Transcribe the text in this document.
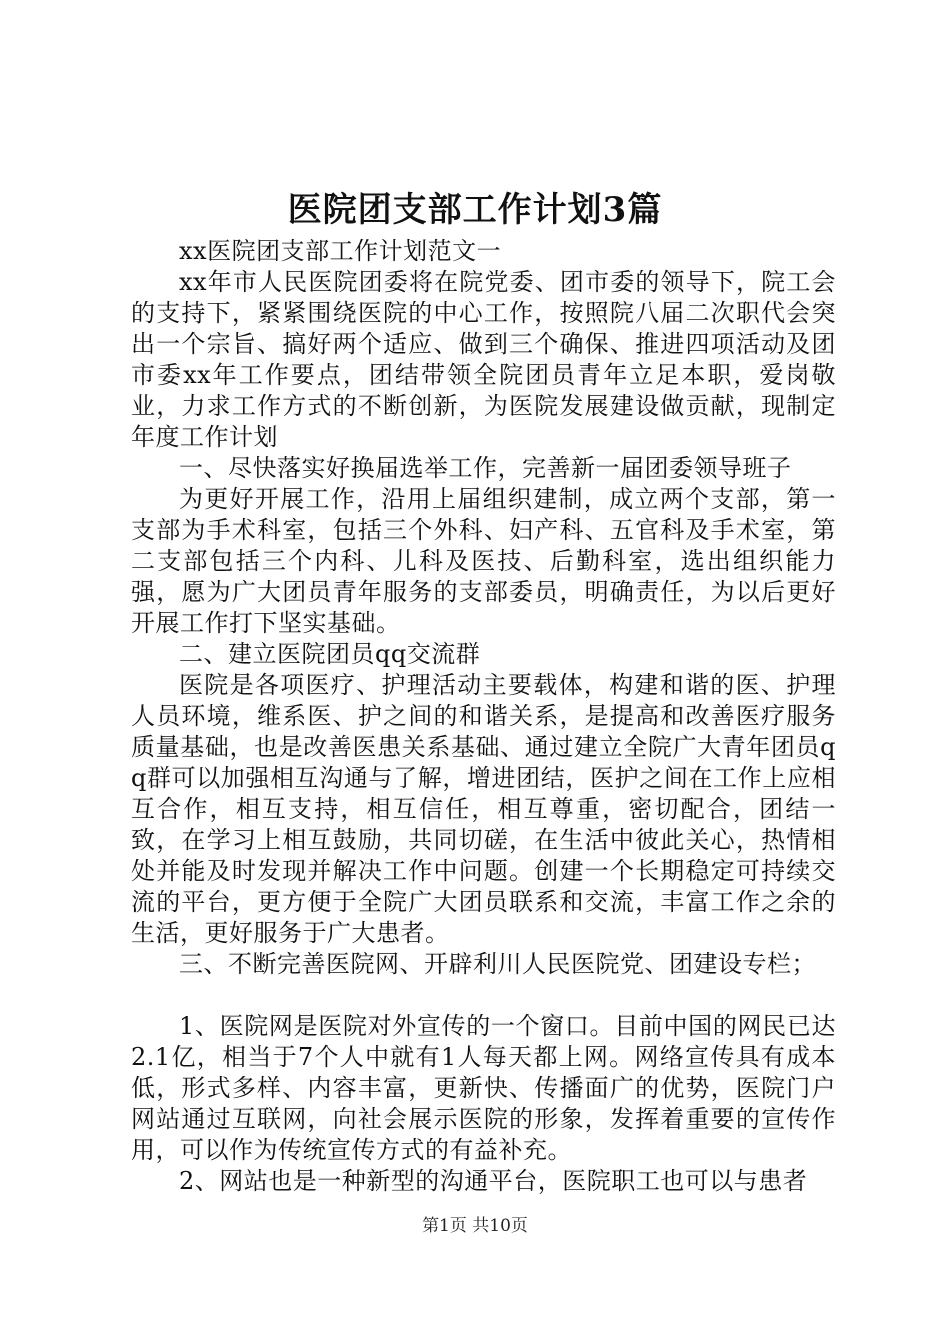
医院团支部工作计划3篇

xx医院团支部工作计划范文一

xx年市人民医院团委将在院党委、团市委的领导下，院工会的支持下，紧紧围绕医院的中心工作，按照院八届二次职代会突出一个宗旨、搞好两个适应、做到三个确保、推进四项活动及团市委xx年工作要点，团结带领全院团员青年立足本职，爱岗敬业，力求工作方式的不断创新，为医院发展建设做贡献，现制定年度工作计划

一、尽快落实好换届选举工作，完善新一届团委领导班子

为更好开展工作，沿用上届组织建制，成立两个支部，第一支部为手术科室，包括三个外科、妇产科、五官科及手术室，第二支部包括三个内科、儿科及医技、后勤科室，选出组织能力强，愿为广大团员青年服务的支部委员，明确责任，为以后更好开展工作打下坚实基础。

二、建立医院团员qq交流群

医院是各项医疗、护理活动主要载体，构建和谐的医、护理人员环境，维系医、护之间的和谐关系，是提高和改善医疗服务质量基础，也是改善医患关系基础、通过建立全院广大青年团员qq群可以加强相互沟通与了解，增进团结，医护之间在工作上应相互合作，相互支持，相互信任，相互尊重，密切配合，团结一致，在学习上相互鼓励，共同切磋，在生活中彼此关心，热情相处并能及时发现并解决工作中问题。创建一个长期稳定可持续交流的平台，更方便于全院广大团员联系和交流，丰富工作之余的生活，更好服务于广大患者。

三、不断完善医院网、开辟利川人民医院党、团建设专栏；

1、医院网是医院对外宣传的一个窗口。目前中国的网民已达2.1亿，相当于7个人中就有1人每天都上网。网络宣传具有成本低，形式多样、内容丰富，更新快、传播面广的优势，医院门户网站通过互联网，向社会展示医院的形象，发挥着重要的宣传作用，可以作为传统宣传方式的有益补充。

2、网站也是一种新型的沟通平台，医院职工也可以与患者

第1页 共10页
